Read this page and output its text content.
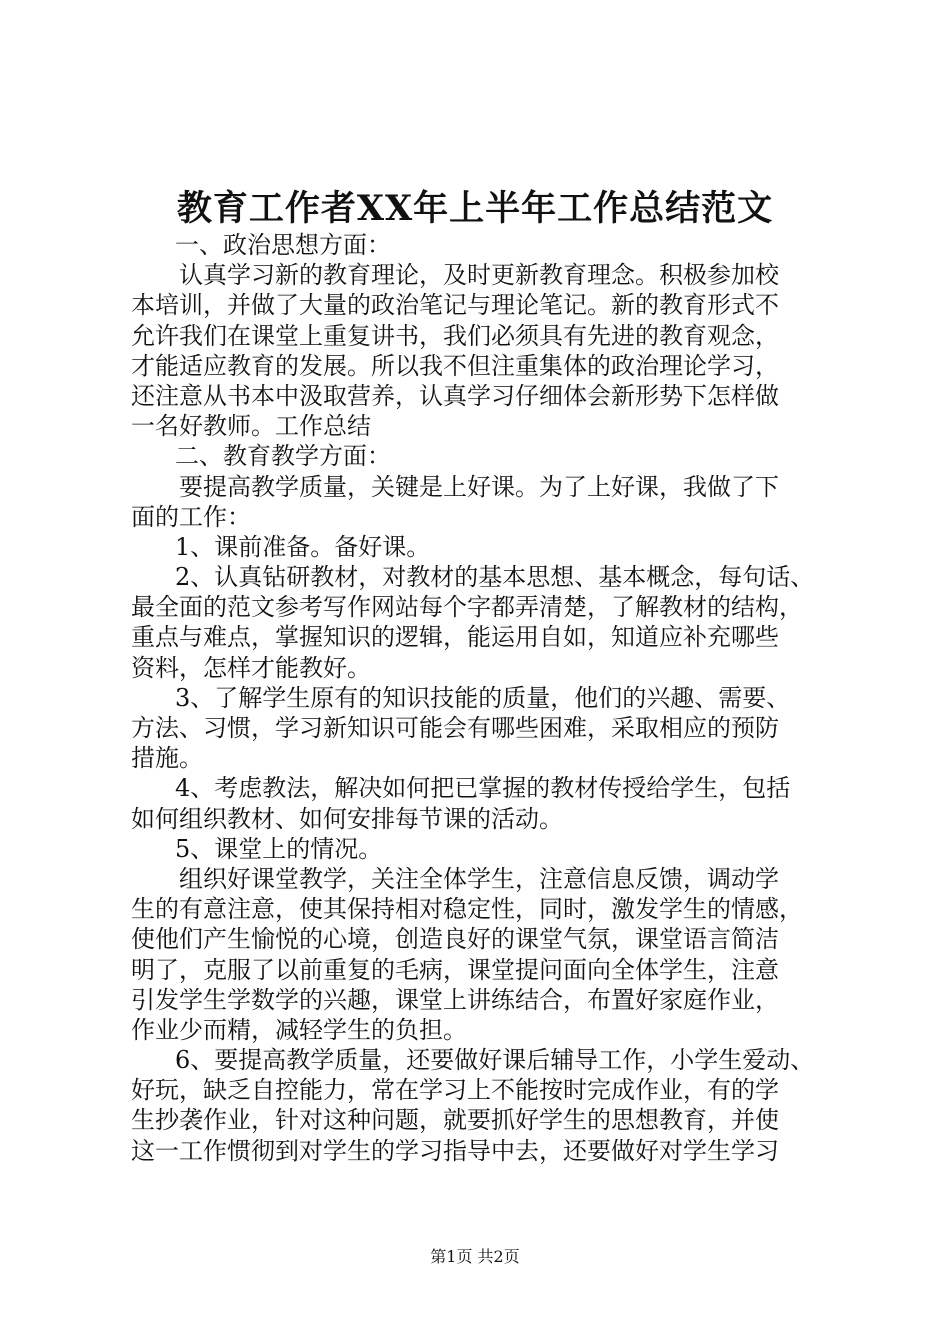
教育工作者XX年上半年工作总结范文
一、政治思想方面：
认真学习新的教育理论，及时更新教育理念。积极参加校
本培训，并做了大量的政治笔记与理论笔记。新的教育形式不
允许我们在课堂上重复讲书，我们必须具有先进的教育观念，
才能适应教育的发展。所以我不但注重集体的政治理论学习，
还注意从书本中汲取营养，认真学习仔细体会新形势下怎样做
一名好教师。工作总结
二、教育教学方面：
要提高教学质量，关键是上好课。为了上好课，我做了下
面的工作：
1、课前准备。备好课。
2、认真钻研教材，对教材的基本思想、基本概念，每句话、
最全面的范文参考写作网站每个字都弄清楚，了解教材的结构，
重点与难点，掌握知识的逻辑，能运用自如，知道应补充哪些
资料，怎样才能教好。
3、了解学生原有的知识技能的质量，他们的兴趣、需要、
方法、习惯，学习新知识可能会有哪些困难，采取相应的预防
措施。
4、考虑教法，解决如何把已掌握的教材传授给学生，包括
如何组织教材、如何安排每节课的活动。
5、课堂上的情况。
组织好课堂教学，关注全体学生，注意信息反馈，调动学
生的有意注意，使其保持相对稳定性，同时，激发学生的情感，
使他们产生愉悦的心境，创造良好的课堂气氛，课堂语言简洁
明了，克服了以前重复的毛病，课堂提问面向全体学生，注意
引发学生学数学的兴趣，课堂上讲练结合，布置好家庭作业，
作业少而精，减轻学生的负担。
6、要提高教学质量，还要做好课后辅导工作，小学生爱动、
好玩，缺乏自控能力，常在学习上不能按时完成作业，有的学
生抄袭作业，针对这种问题，就要抓好学生的思想教育，并使
这一工作惯彻到对学生的学习指导中去，还要做好对学生学习
第1页 共2页
